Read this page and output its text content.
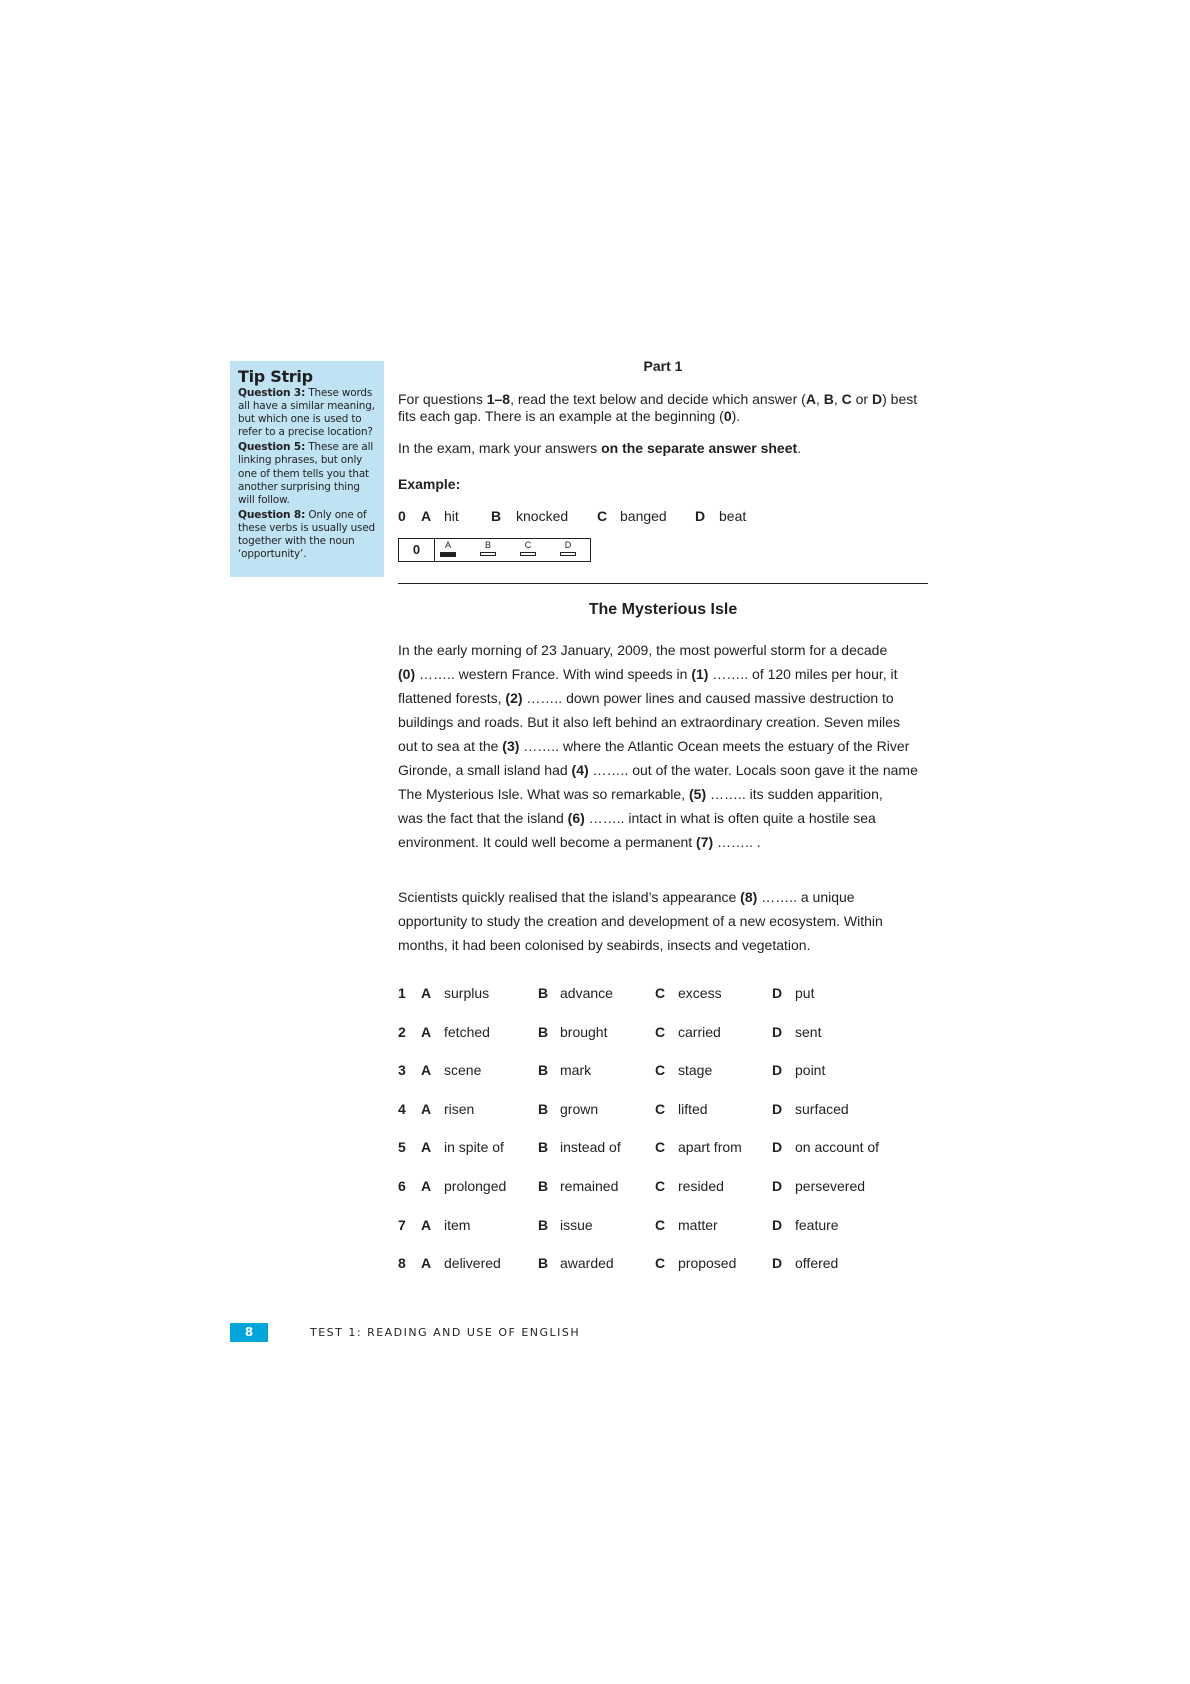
Tip Strip
Question 3: These words all have a similar meaning, but which one is used to refer to a precise location?
Question 5: These are all linking phrases, but only one of them tells you that another surprising thing will follow.
Question 8: Only one of these verbs is usually used together with the noun ‘opportunity’.
Part 1
For questions 1–8, read the text below and decide which answer (A, B, C or D) best
fits each gap. There is an example at the beginning (0).
In the exam, mark your answers on the separate answer sheet.
Example:
0 A hit B knocked C banged D beat
0	A	B	C	D
The Mysterious Isle
In the early morning of 23 January, 2009, the most powerful storm for a decade
(0) …….. western France. With wind speeds in (1) …….. of 120 miles per hour, it
flattened forests, (2) …….. down power lines and caused massive destruction to
buildings and roads. But it also left behind an extraordinary creation. Seven miles
out to sea at the (3) …….. where the Atlantic Ocean meets the estuary of the River
Gironde, a small island had (4) …….. out of the water. Locals soon gave it the name
The Mysterious Isle. What was so remarkable, (5) …….. its sudden apparition,
was the fact that the island (6) …….. intact in what is often quite a hostile sea
environment. It could well become a permanent (7) …….. .
Scientists quickly realised that the island’s appearance (8) …….. a unique
opportunity to study the creation and development of a new ecosystem. Within
months, it had been colonised by seabirds, insects and vegetation.
1 A surplus	B advance	C excess	D put
2 A fetched	B brought	C carried	D sent
3 A scene	B mark	C stage	D point
4 A risen	B grown	C lifted	D surfaced
5 A in spite of B instead of C apart from D on account of
6 A prolonged B remained	C resided	D persevered
7 A item	B issue	C matter	D feature
8 A delivered	B awarded	C proposed	D offered
8	TEST 1: READING AND USE OF ENGLISH
